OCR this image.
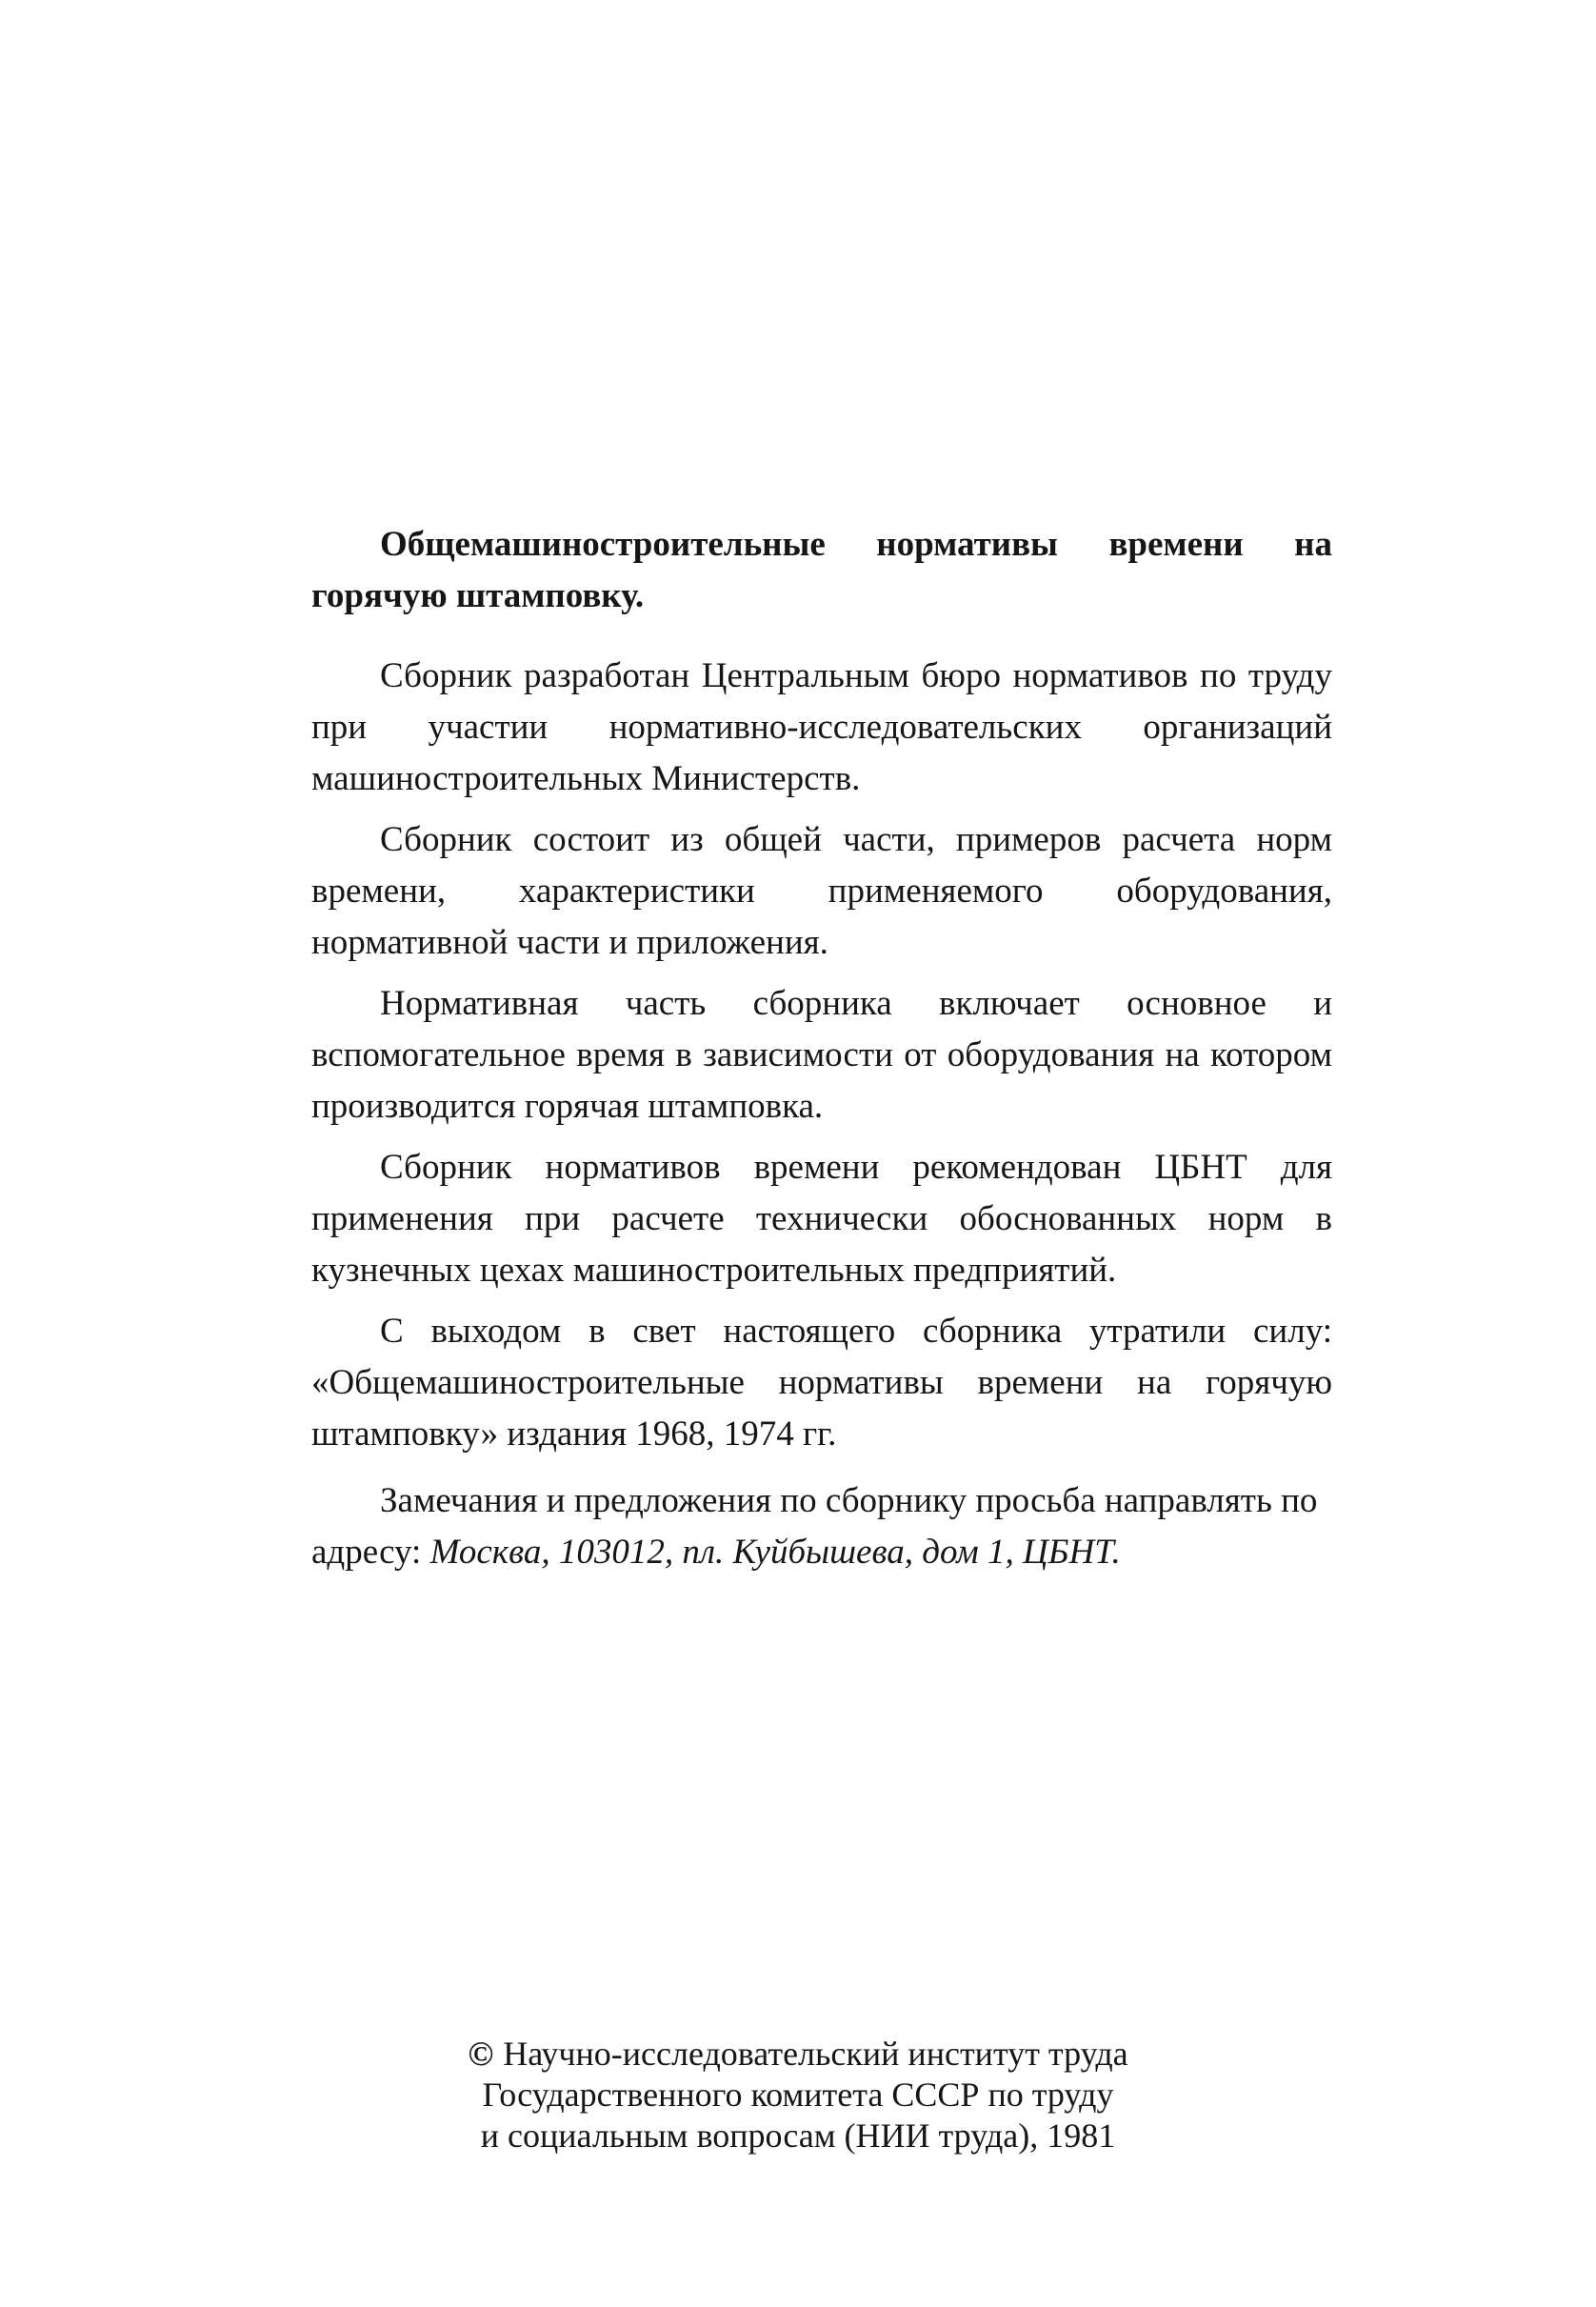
Общемашиностроительные нормативы времени на горячую штамповку.

Сборник разработан Центральным бюро нормативов по труду при участии нормативно-исследовательских организаций машиностроительных Министерств.

Сборник состоит из общей части, примеров расчета норм времени, характеристики применяемого оборудования, нормативной части и приложения.

Нормативная часть сборника включает основное и вспомогательное время в зависимости от оборудования на котором производится горячая штамповка.

Сборник нормативов времени рекомендован ЦБНТ для применения при расчете технически обоснованных норм в кузнечных цехах машиностроительных предприятий.

С выходом в свет настоящего сборника утратили силу: «Общемашиностроительные нормативы времени на горячую штамповку» издания 1968, 1974 гг.

Замечания и предложения по сборнику просьба направлять по адресу: Москва, 103012, пл. Куйбышева, дом 1, ЦБНТ.

© Научно-исследовательский институт труда
Государственного комитета СССР по труду
и социальным вопросам (НИИ труда), 1981
